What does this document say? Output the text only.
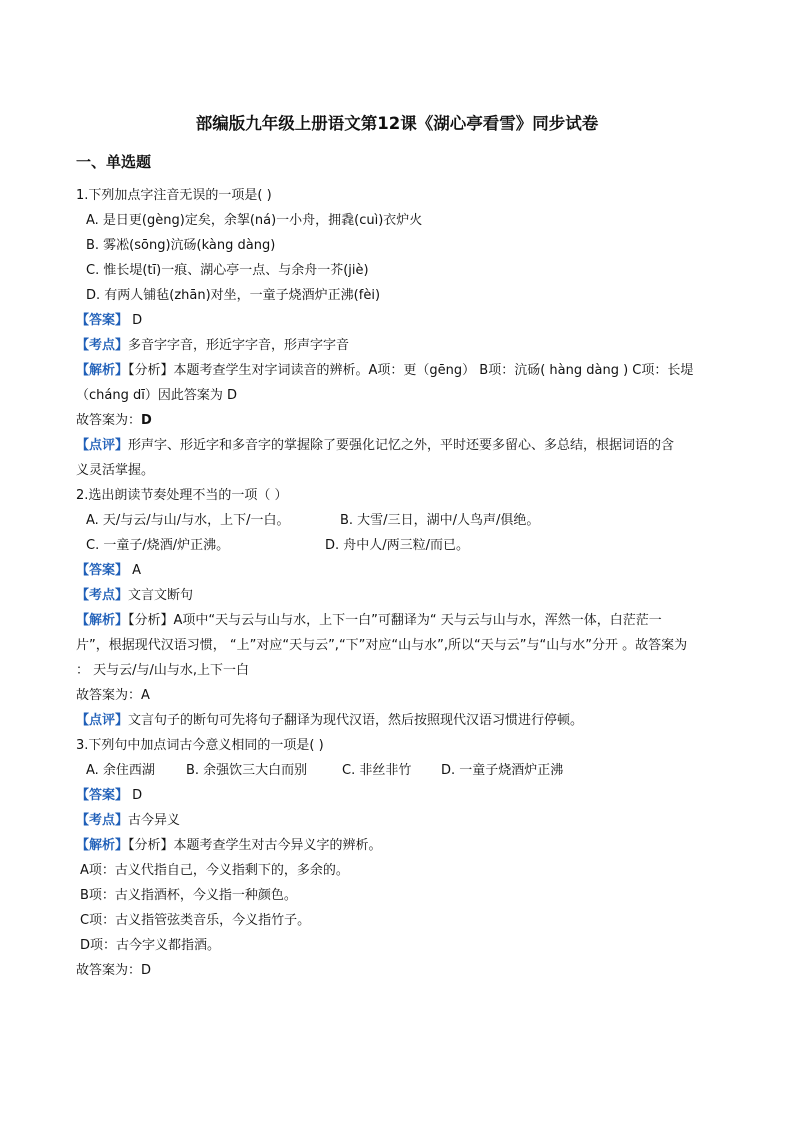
部编版九年级上册语文第12课《湖心亭看雪》同步试卷
一、单选题
1.下列加点字注音无误的一项是( )
A. 是日更(gèng)定矣，余挐(ná)一小舟，拥毳(cuì)衣炉火
B. 雾凇(sōng)沆砀(kàng dàng)
C. 惟长堤(tī)一痕、湖心亭一点、与余舟一芥(jiè)
D. 有两人铺毡(zhān)对坐，一童子烧酒炉正沸(fèi)
【答案】 D
【考点】多音字字音，形近字字音，形声字字音
【解析】【分析】本题考查学生对字词读音的辨析。A项：更（gēng） B项：沆砀( hàng dàng ) C项：长堤
（cháng dī）因此答案为 D
故答案为：D
【点评】形声字、形近字和多音字的掌握除了要强化记忆之外，平时还要多留心、多总结，根据词语的含
义灵活掌握。
2.选出朗读节奏处理不当的一项（ ）
A. 天/与云/与山/与水，上下/一白。	B. 大雪/三日，湖中/人鸟声/俱绝。
C. 一童子/烧酒/炉正沸。	D. 舟中人/两三粒/而已。
【答案】 A
【考点】文言文断句
【解析】【分析】A项中“天与云与山与水，上下一白”可翻译为“ 天与云与山与水，浑然一体，白茫茫一
片”，根据现代汉语习惯， “上”对应“天与云”,“下”对应“山与水”,所以“天与云”与“山与水”分开 。故答案为
： 天与云/与/山与水,上下一白
故答案为：A
【点评】文言句子的断句可先将句子翻译为现代汉语，然后按照现代汉语习惯进行停顿。
3.下列句中加点词古今意义相同的一项是( )
A. 余住西湖 B. 余强饮三大白而别	C. 非丝非竹 D. 一童子烧酒炉正沸
【答案】 D
【考点】古今异义
【解析】【分析】本题考查学生对古今异义字的辨析。
A项：古义代指自己，今义指剩下的，多余的。
B项：古义指酒杯，今义指一种颜色。
C项：古义指管弦类音乐，今义指竹子。
D项：古今字义都指酒。
故答案为：D
